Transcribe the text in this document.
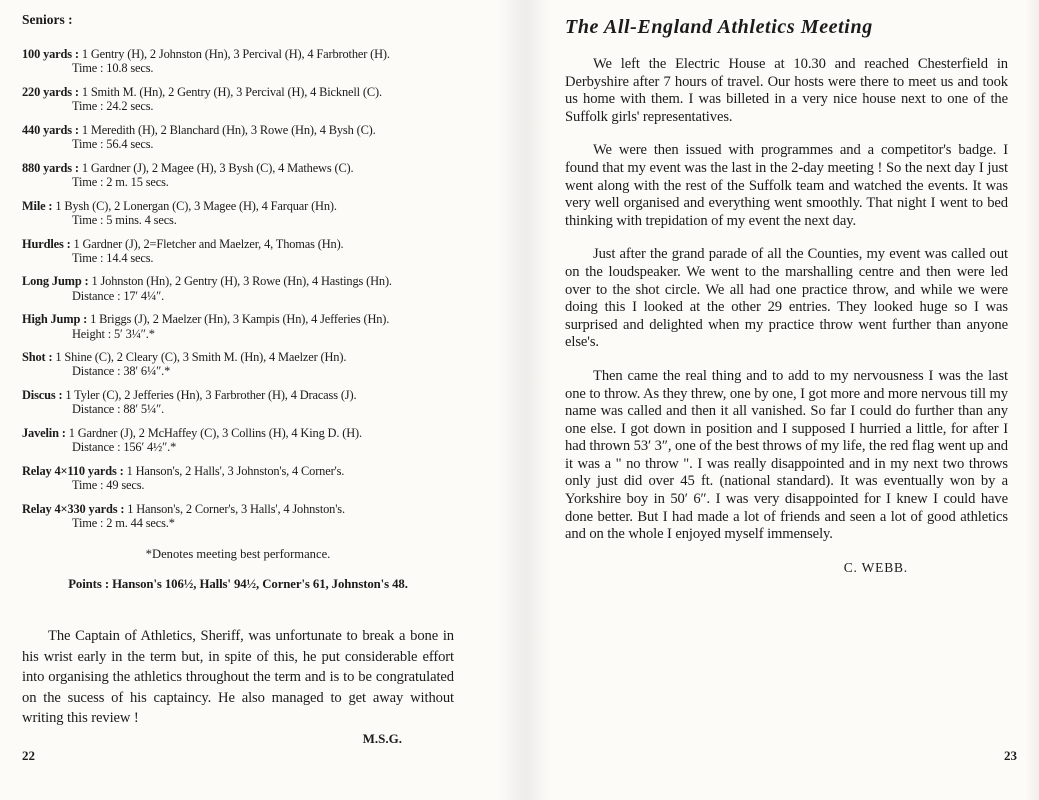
Seniors :

100 yards : 1 Gentry (H), 2 Johnston (Hn), 3 Percival (H), 4 Farbrother (H).

Time : 10.8 secs.

220 yards : 1 Smith M. (Hn), 2 Gentry (H), 3 Percival (H), 4 Bicknell (C).

Time : 24.2 secs.

440 yards : 1 Meredith (H), 2 Blanchard (Hn), 3 Rowe (Hn), 4 Bysh (C).

Time : 56.4 secs.

880 yards : 1 Gardner (J), 2 Magee (H), 3 Bysh (C), 4 Mathews (C).

Time : 2 m. 15 secs.

Mile : 1 Bysh (C), 2 Lonergan (C), 3 Magee (H), 4 Farquar (Hn).

Time : 5 mins. 4 secs.

Hurdles : 1 Gardner (J), 2=Fletcher and Maelzer, 4, Thomas (Hn).

Time : 14.4 secs.

Long Jump : 1 Johnston (Hn), 2 Gentry (H), 3 Rowe (Hn), 4 Hastings (Hn).

Distance : 17′ 4¼″.

High Jump : 1 Briggs (J), 2 Maelzer (Hn), 3 Kampis (Hn), 4 Jefferies (Hn).

Height : 5′ 3¼″.*

Shot : 1 Shine (C), 2 Cleary (C), 3 Smith M. (Hn), 4 Maelzer (Hn).

Distance : 38′ 6¼″.*

Discus : 1 Tyler (C), 2 Jefferies (Hn), 3 Farbrother (H), 4 Dracass (J).

Distance : 88′ 5¼″.

Javelin : 1 Gardner (J), 2 McHaffey (C), 3 Collins (H), 4 King D. (H).

Distance : 156′ 4½″.*

Relay 4×110 yards : 1 Hanson's, 2 Halls', 3 Johnston's, 4 Corner's.

Time : 49 secs.

Relay 4×330 yards : 1 Hanson's, 2 Corner's, 3 Halls', 4 Johnston's.

Time : 2 m. 44 secs.*

*Denotes meeting best performance.

Points : Hanson's 106½, Halls' 94½, Corner's 61, Johnston's 48.

The Captain of Athletics, Sheriff, was unfortunate to break a bone in his wrist early in the term but, in spite of this, he put considerable effort into organising the athletics throughout the term and is to be congratulated on the sucess of his captaincy. He also managed to get away without writing this review !

M.S.G.

The All-England Athletics Meeting

We left the Electric House at 10.30 and reached Chesterfield in Derbyshire after 7 hours of travel. Our hosts were there to meet us and took us home with them. I was billeted in a very nice house next to one of the Suffolk girls' representatives.

We were then issued with programmes and a competitor's badge. I found that my event was the last in the 2-day meeting ! So the next day I just went along with the rest of the Suffolk team and watched the events. It was very well organised and everything went smoothly. That night I went to bed thinking with trepidation of my event the next day.

Just after the grand parade of all the Counties, my event was called out on the loudspeaker. We went to the marshalling centre and then were led over to the shot circle. We all had one practice throw, and while we were doing this I looked at the other 29 entries. They looked huge so I was surprised and delighted when my practice throw went further than anyone else's.

Then came the real thing and to add to my nervousness I was the last one to throw. As they threw, one by one, I got more and more nervous till my name was called and then it all vanished. So far I could do further than any one else. I got down in position and I supposed I hurried a little, for after I had thrown 53′ 3″, one of the best throws of my life, the red flag went up and it was a " no throw ". I was really disappointed and in my next two throws only just did over 45 ft. (national standard). It was eventually won by a Yorkshire boy in 50′ 6″. I was very disappointed for I knew I could have done better. But I had made a lot of friends and seen a lot of good athletics and on the whole I enjoyed myself immensely.

C. WEBB.

22	23
